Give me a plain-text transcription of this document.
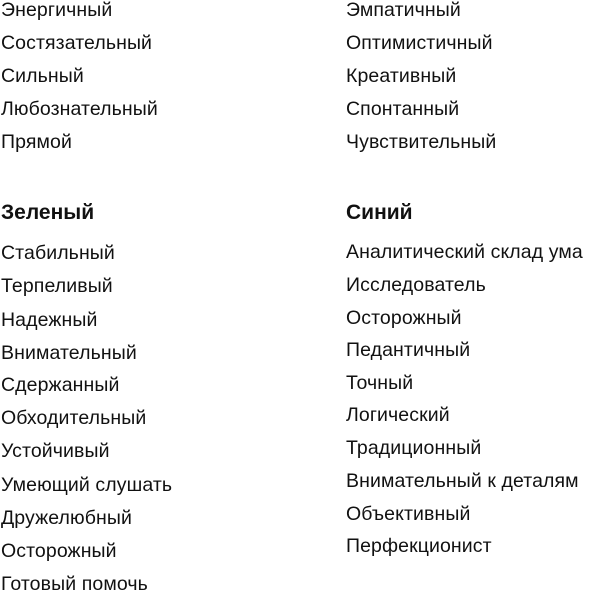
Энергичный
Состязательный
Сильный
Любознательный
Прямой
Зеленый
Стабильный
Терпеливый
Надежный
Внимательный
Сдержанный
Обходительный
Устойчивый
Умеющий слушать
Дружелюбный
Осторожный
Готовый помочь
Эмпатичный
Оптимистичный
Креативный
Спонтанный
Чувствительный
Синий
Аналитический склад ума
Исследователь
Осторожный
Педантичный
Точный
Логический
Традиционный
Внимательный к деталям
Объективный
Перфекционист
